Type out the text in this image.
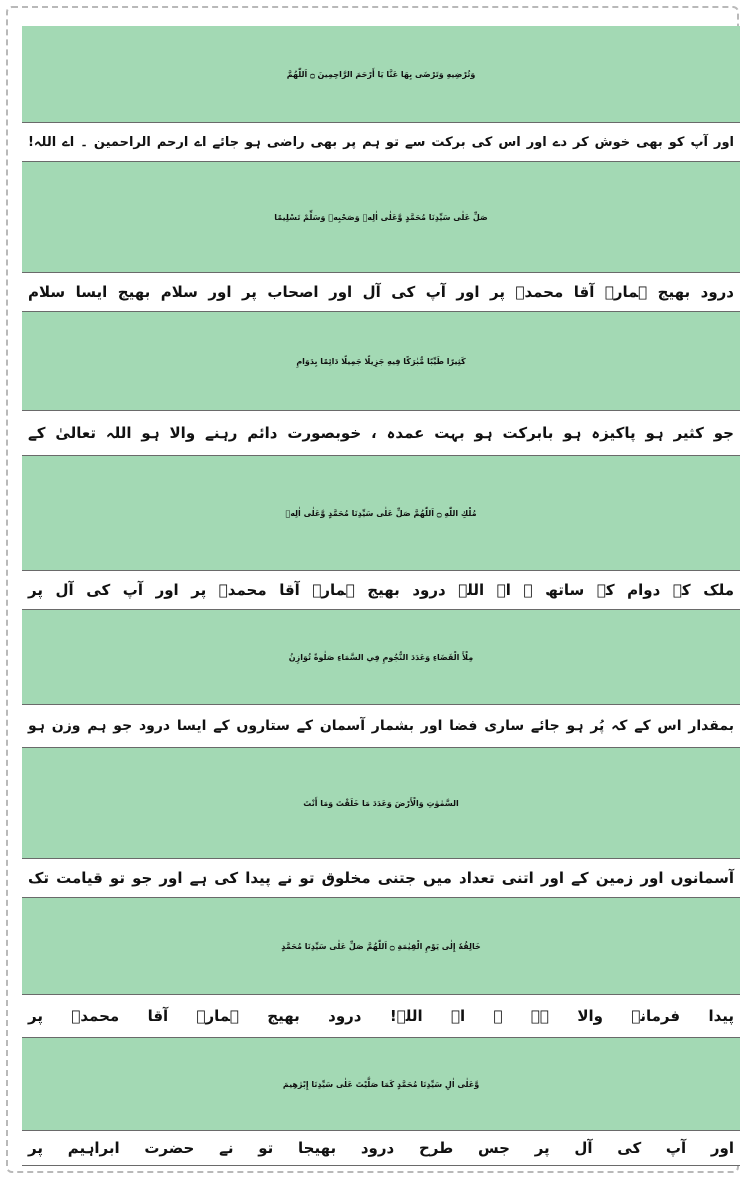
وَتُرْضِيهِ وَتَرْضَى بِهَا عَنَّا يَا أَرْحَمَ الرَّاحِمِينَ ۝ اَللّٰهُمَّ
اور آپ کو بھی خوش کر دے اور اس کی برکت سے تو ہم پر بھی راضی ہو جائے اے ارحم الراحمین ۔ اے اللہ!
صَلِّ عَلٰى سَيِّدِنَا مُحَمَّدٍ وَّعَلٰى اٰلِهٖ وَصَحْبِهٖ وَسَلِّمْ تَسْلِيمًا
درود بھیج ہمارے آقا محمدؐ پر اور آپ کی آل اور اصحاب پر اور سلام بھیج ایسا سلام
كَثِيرًا طَيِّبًا مُّبٰرَكًا فِيهِ جَزِيلًا جَمِيلًا دَائِمًا بِدَوَامِ
جو کثیر ہو پاکیزہ ہو بابرکت ہو بہت عمدہ ، خوبصورت دائم رہنے والا ہو اللہ تعالیٰ کے
مُلْكِ اللّٰهِ ۝ اَللّٰهُمَّ صَلِّ عَلٰى سَيِّدِنَا مُحَمَّدٍ وَّعَلٰى اٰلِهٖ
ملک کے دوام کے ساتھ ۔ اے اللہ درود بھیج ہمارے آقا محمدؐ پر اور آپ کی آل پر
مِلْأَ الْفَضَاءِ وَعَدَدَ النُّجُومِ فِي السَّمَاءِ صَلٰوةً تُوَازِنُ
بمقدار اس کے کہ پُر ہو جائے ساری فضا اور بشمار آسمان کے ستاروں کے ایسا درود جو ہم وزن ہو
السَّمٰوٰتِ وَالْأَرْضَ وَعَدَدَ مَا خَلَقْتَ وَمَا أَنْتَ
آسمانوں اور زمین کے اور اتنی تعداد میں جتنی مخلوق تو نے پیدا کی ہے اور جو تو قیامت تک
خَالِقُهٗ إِلٰى يَوْمِ الْقِيٰمَةِ ۝ اَللّٰهُمَّ صَلِّ عَلٰى سَيِّدِنَا مُحَمَّدٍ
پیدا فرمانے والا ہے ۔ اے اللہ! درود بھیج ہمارے آقا محمدؐ پر
وَّعَلٰى اٰلِ سَيِّدِنَا مُحَمَّدٍ كَمَا صَلَّيْتَ عَلٰى سَيِّدِنَا إِبْرٰهِيمَ
اور آپ کی آل پر جس طرح درود بھیجا تو نے حضرت ابراہیم پر
